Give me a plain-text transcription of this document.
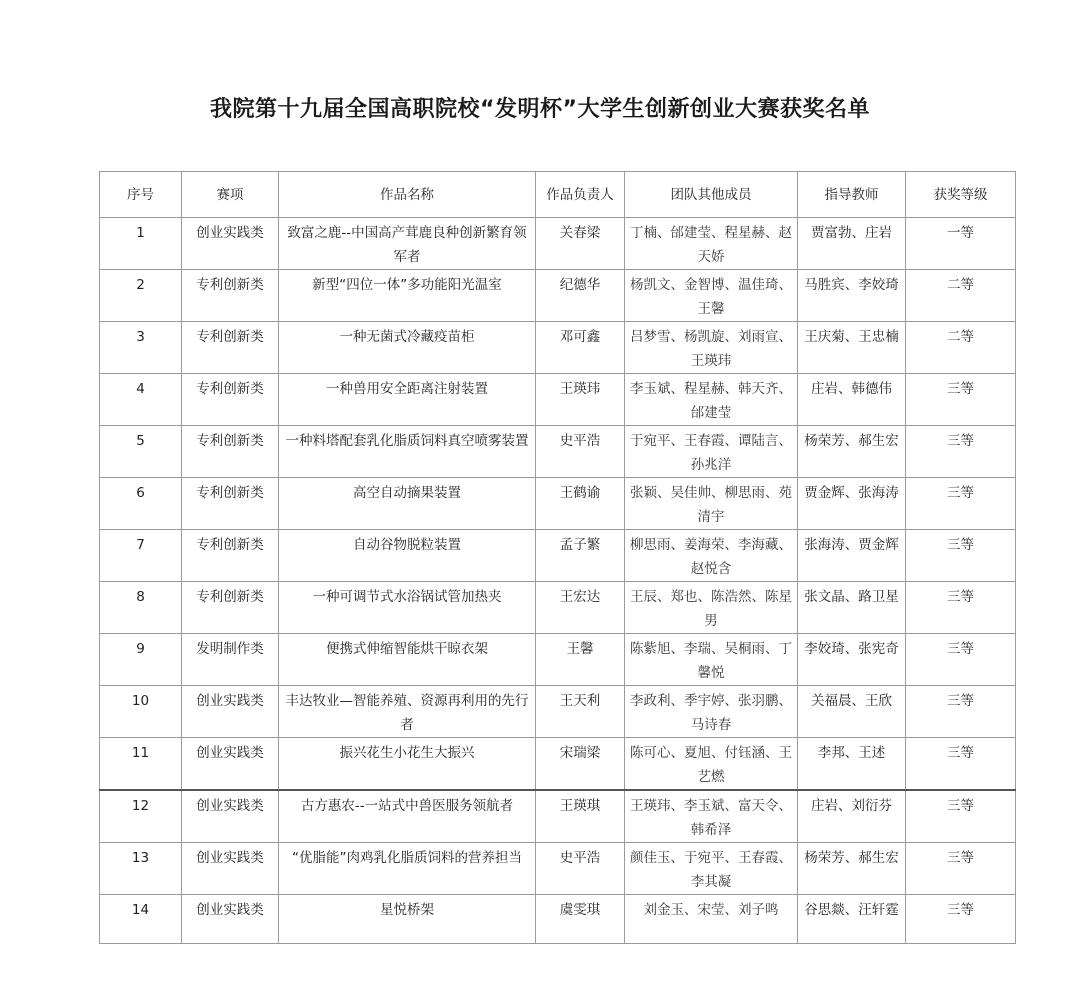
我院第十九届全国高职院校“发明杯”大学生创新创业大赛获奖名单
序号	赛项	作品名称	作品负责人	团队其他成员	指导教师	获奖等级
1	创业实践类	致富之鹿--中国高产茸鹿良种创新繁育领军者	关春梁	丁楠、邰建莹、程星赫、赵天娇	贾富勃、庄岩	一等
2	专利创新类	新型“四位一体”多功能阳光温室	纪德华	杨凯文、金智博、温佳琦、王馨	马胜宾、李姣琦	二等
3	专利创新类	一种无菌式冷藏疫苗柜	邓可鑫	吕梦雪、杨凯旋、刘雨宣、王瑛玮	王庆菊、王忠楠	二等
4	专利创新类	一种兽用安全距离注射装置	王瑛玮	李玉斌、程星赫、韩天齐、邰建莹	庄岩、韩德伟	三等
5	专利创新类	一种料塔配套乳化脂质饲料真空喷雾装置	史平浩	于宛平、王春霞、谭陆言、孙兆洋	杨荣芳、郝生宏	三等
6	专利创新类	高空自动摘果装置	王鹤谕	张颖、吴佳帅、柳思雨、苑清宇	贾金辉、张海涛	三等
7	专利创新类	自动谷物脱粒装置	孟子繁	柳思雨、姜海荣、李海藏、赵悦含	张海涛、贾金辉	三等
8	专利创新类	一种可调节式水浴锅试管加热夹	王宏达	王辰、郑也、陈浩然、陈星男	张文晶、路卫星	三等
9	发明制作类	便携式伸缩智能烘干晾衣架	王馨	陈紫旭、李瑞、吴桐雨、丁馨悦	李姣琦、张宪奇	三等
10	创业实践类	丰达牧业—智能养殖、资源再利用的先行者	王天利	李政利、季宇婷、张羽鹏、马诗春	关福晨、王欣	三等
11	创业实践类	振兴花生小花生大振兴	宋瑞梁	陈可心、夏旭、付钰涵、王艺燃	李邦、王述	三等
12	创业实践类	古方惠农--一站式中兽医服务领航者	王瑛琪	王瑛玮、李玉斌、富天令、韩希泽	庄岩、刘衍芬	三等
13	创业实践类	“优脂能”肉鸡乳化脂质饲料的营养担当	史平浩	颜佳玉、于宛平、王春霞、李其凝	杨荣芳、郝生宏	三等
14	创业实践类	星悦桥架	虞雯琪	刘金玉、宋莹、刘子鸣	谷思燚、汪轩霆	三等
